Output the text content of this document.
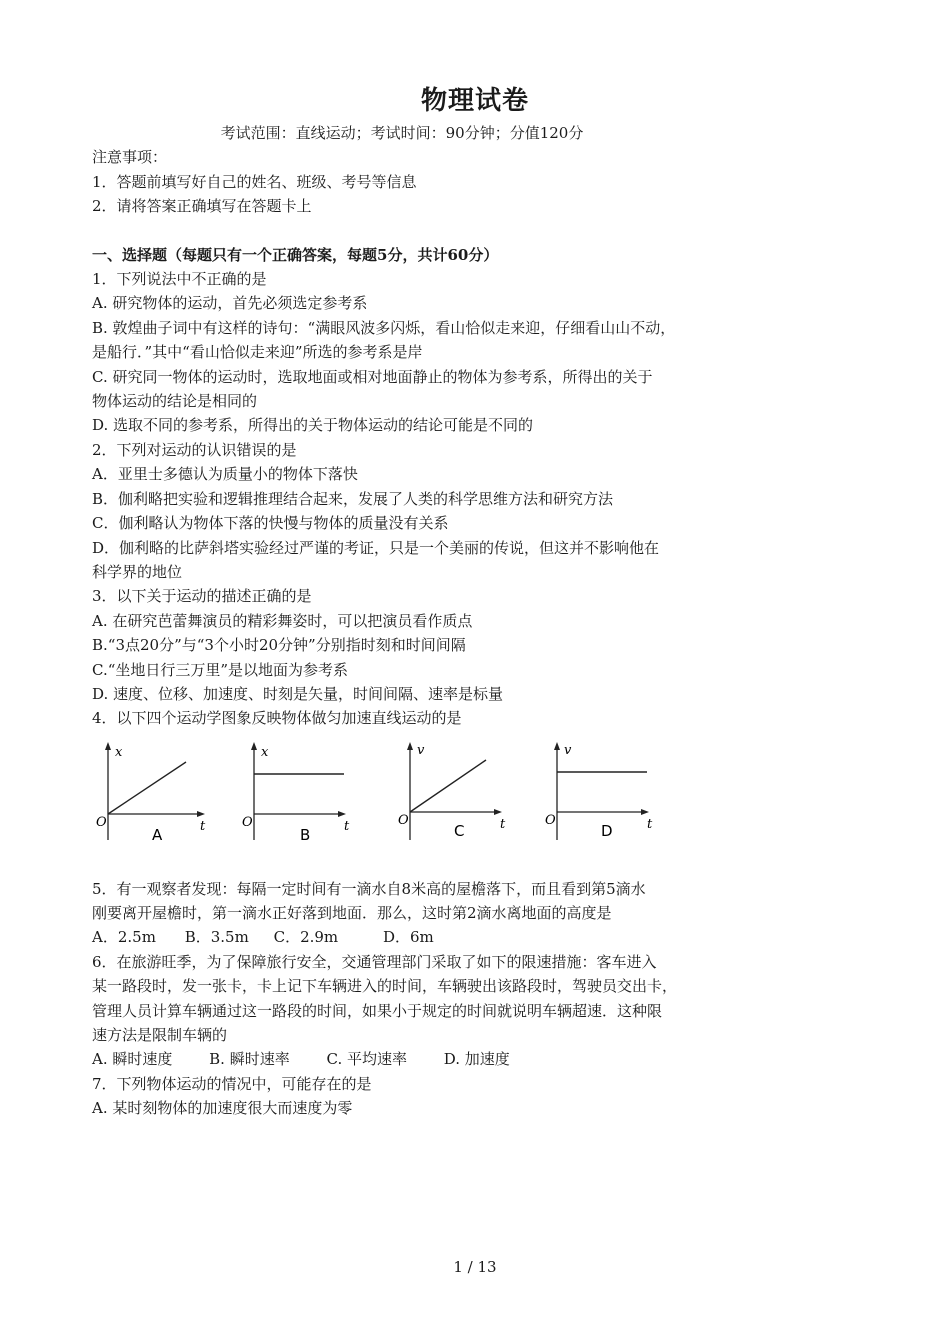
物理试卷
考试范围：直线运动；考试时间：90分钟；分值120分
注意事项：
1．答题前填写好自己的姓名、班级、考号等信息
2．请将答案正确填写在答题卡上
一、选择题（每题只有一个正确答案，每题5分，共计60分）
1．下列说法中不正确的是
A. 研究物体的运动，首先必须选定参考系
B. 敦煌曲子词中有这样的诗句：“满眼风波多闪烁，看山恰似走来迎，仔细看山山不动，
是船行．”其中“看山恰似走来迎”所选的参考系是岸
C. 研究同一物体的运动时，选取地面或相对地面静止的物体为参考系，所得出的关于
物体运动的结论是相同的
D. 选取不同的参考系，所得出的关于物体运动的结论可能是不同的
2．下列对运动的认识错误的是
A．亚里士多德认为质量小的物体下落快
B．伽利略把实验和逻辑推理结合起来，发展了人类的科学思维方法和研究方法
C．伽利略认为物体下落的快慢与物体的质量没有关系
D．伽利略的比萨斜塔实验经过严谨的考证，只是一个美丽的传说，但这并不影响他在
科学界的地位
3．以下关于运动的描述正确的是
A. 在研究芭蕾舞演员的精彩舞姿时，可以把演员看作质点
B.“3点20分”与“3个小时20分钟”分别指时刻和时间间隔
C.“坐地日行三万里”是以地面为参考系
D. 速度、位移、加速度、时刻是矢量，时间间隔、速率是标量
4．以下四个运动学图象反映物体做匀加速直线运动的是
x
O	t
A
x
O	t
B
v
O	t
C
v
O	t
D
5．有一观察者发现：每隔一定时间有一滴水自8米高的屋檐落下，而且看到第5滴水
刚要离开屋檐时，第一滴水正好落到地面．那么，这时第2滴水离地面的高度是
A．2.5m B．3.5m C．2.9m	D．6m
6．在旅游旺季，为了保障旅行安全，交通管理部门采取了如下的限速措施：客车进入
某一路段时，发一张卡，卡上记下车辆进入的时间，车辆驶出该路段时，驾驶员交出卡，
管理人员计算车辆通过这一路段的时间，如果小于规定的时间就说明车辆超速．这种限
速方法是限制车辆的
A. 瞬时速度 B. 瞬时速率 C. 平均速率 D. 加速度
7．下列物体运动的情况中，可能存在的是
A. 某时刻物体的加速度很大而速度为零
1 / 13
